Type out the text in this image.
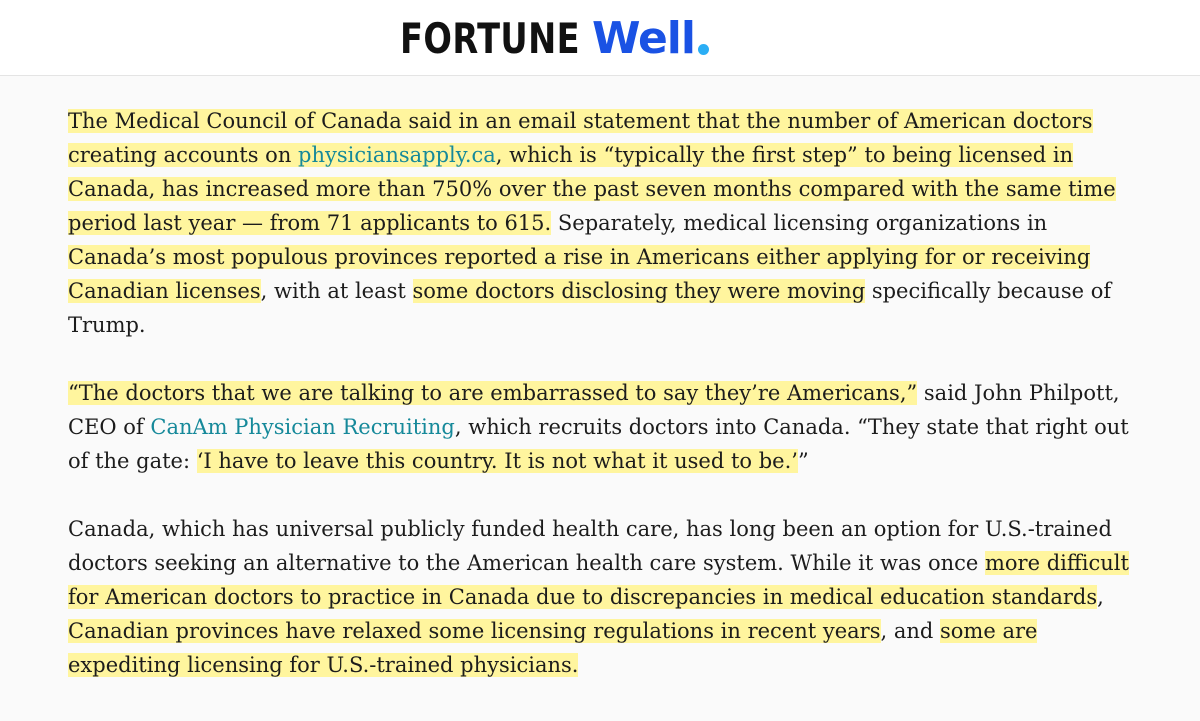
FORTUNE Well

The Medical Council of Canada said in an email statement that the number of American doctors creating accounts on physiciansapply.ca, which is “typically the first step” to being licensed in Canada, has increased more than 750% over the past seven months compared with the same time period last year — from 71 applicants to 615. Separately, medical licensing organizations in Canada’s most populous provinces reported a rise in Americans either applying for or receiving Canadian licenses, with at least some doctors disclosing they were moving specifically because of Trump.

“The doctors that we are talking to are embarrassed to say they’re Americans,” said John Philpott, CEO of CanAm Physician Recruiting, which recruits doctors into Canada. “They state that right out of the gate: ‘I have to leave this country. It is not what it used to be.’”

Canada, which has universal publicly funded health care, has long been an option for U.S.-trained doctors seeking an alternative to the American health care system. While it was once more difficult for American doctors to practice in Canada due to discrepancies in medical education standards, Canadian provinces have relaxed some licensing regulations in recent years, and some are expediting licensing for U.S.-trained physicians.
